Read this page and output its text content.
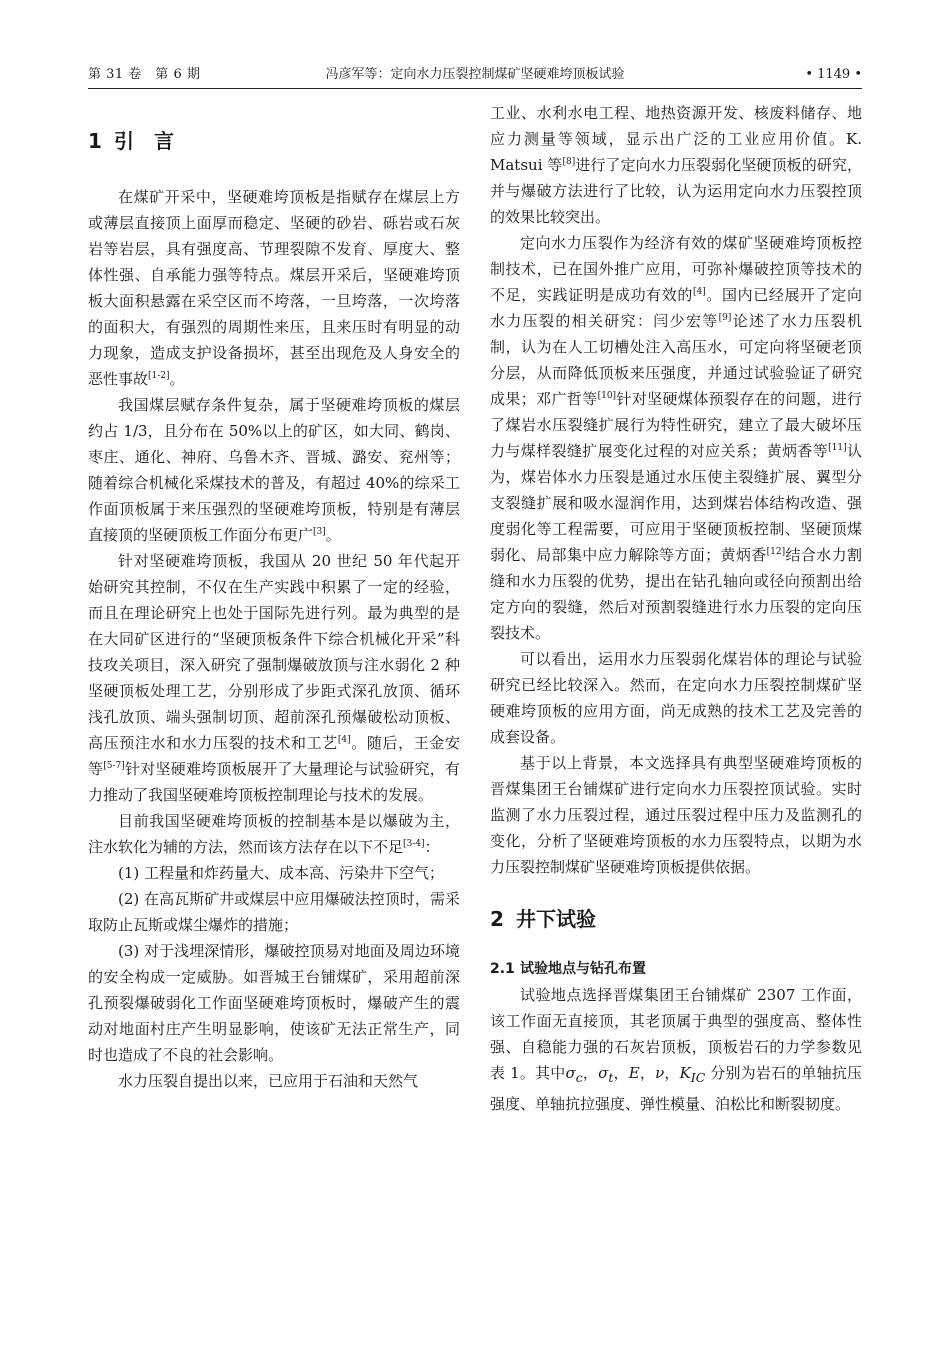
第 31 卷　第 6 期	冯彦军等：定向水力压裂控制煤矿坚硬难垮顶板试验	• 1149 •
1 引　言

在煤矿开采中，坚硬难垮顶板是指赋存在煤层上方或薄层直接顶上面厚而稳定、坚硬的砂岩、砾岩或石灰岩等岩层，具有强度高、节理裂隙不发育、厚度大、整体性强、自承能力强等特点。煤层开采后，坚硬难垮顶板大面积悬露在采空区而不垮落，一旦垮落，一次垮落的面积大，有强烈的周期性来压，且来压时有明显的动力现象，造成支护设备损坏，甚至出现危及人身安全的恶性事故[1-2]。

我国煤层赋存条件复杂，属于坚硬难垮顶板的煤层约占 1/3，且分布在 50%以上的矿区，如大同、鹤岗、枣庄、通化、神府、乌鲁木齐、晋城、潞安、兖州等；随着综合机械化采煤技术的普及，有超过 40%的综采工作面顶板属于来压强烈的坚硬难垮顶板，特别是有薄层直接顶的坚硬顶板工作面分布更广[3]。

针对坚硬难垮顶板，我国从 20 世纪 50 年代起开始研究其控制，不仅在生产实践中积累了一定的经验，而且在理论研究上也处于国际先进行列。最为典型的是在大同矿区进行的“坚硬顶板条件下综合机械化开采”科技攻关项目，深入研究了强制爆破放顶与注水弱化 2 种坚硬顶板处理工艺，分别形成了步距式深孔放顶、循环浅孔放顶、端头强制切顶、超前深孔预爆破松动顶板、高压预注水和水力压裂的技术和工艺[4]。随后，王金安等[5-7]针对坚硬难垮顶板展开了大量理论与试验研究，有力推动了我国坚硬难垮顶板控制理论与技术的发展。

目前我国坚硬难垮顶板的控制基本是以爆破为主，注水软化为辅的方法，然而该方法存在以下不足[3-4]：

(1) 工程量和炸药量大、成本高、污染井下空气；

(2) 在高瓦斯矿井或煤层中应用爆破法控顶时，需采取防止瓦斯或煤尘爆炸的措施；

(3) 对于浅埋深情形，爆破控顶易对地面及周边环境的安全构成一定威胁。如晋城王台铺煤矿，采用超前深孔预裂爆破弱化工作面坚硬难垮顶板时，爆破产生的震动对地面村庄产生明显影响，使该矿无法正常生产，同时也造成了不良的社会影响。

水力压裂自提出以来，已应用于石油和天然气

工业、水利水电工程、地热资源开发、核废料储存、地应力测量等领域，显示出广泛的工业应用价值。K. Matsui 等[8]进行了定向水力压裂弱化坚硬顶板的研究，并与爆破方法进行了比较，认为运用定向水力压裂控顶的效果比较突出。

定向水力压裂作为经济有效的煤矿坚硬难垮顶板控制技术，已在国外推广应用，可弥补爆破控顶等技术的不足，实践证明是成功有效的[4]。国内已经展开了定向水力压裂的相关研究：闫少宏等[9]论述了水力压裂机制，认为在人工切槽处注入高压水，可定向将坚硬老顶分层，从而降低顶板来压强度，并通过试验验证了研究成果；邓广哲等[10]针对坚硬煤体预裂存在的问题，进行了煤岩水压裂缝扩展行为特性研究，建立了最大破坏压力与煤样裂缝扩展变化过程的对应关系；黄炳香等[11]认为，煤岩体水力压裂是通过水压使主裂缝扩展、翼型分支裂缝扩展和吸水湿润作用，达到煤岩体结构改造、强度弱化等工程需要，可应用于坚硬顶板控制、坚硬顶煤弱化、局部集中应力解除等方面；黄炳香[12]结合水力割缝和水力压裂的优势，提出在钻孔轴向或径向预割出给定方向的裂缝，然后对预割裂缝进行水力压裂的定向压裂技术。

可以看出，运用水力压裂弱化煤岩体的理论与试验研究已经比较深入。然而，在定向水力压裂控制煤矿坚硬难垮顶板的应用方面，尚无成熟的技术工艺及完善的成套设备。

基于以上背景，本文选择具有典型坚硬难垮顶板的晋煤集团王台铺煤矿进行定向水力压裂控顶试验。实时监测了水力压裂过程，通过压裂过程中压力及监测孔的变化，分析了坚硬难垮顶板的水力压裂特点，以期为水力压裂控制煤矿坚硬难垮顶板提供依据。

2 井下试验
2.1 试验地点与钻孔布置

试验地点选择晋煤集团王台铺煤矿 2307 工作面，该工作面无直接顶，其老顶属于典型的强度高、整体性强、自稳能力强的石灰岩顶板，顶板岩石的力学参数见表 1。其中$\sigma_c$，$\sigma_t$，E，ν，$K_{IC}$ 分别为岩石的单轴抗压强度、单轴抗拉强度、弹性模量、泊松比和断裂韧度。
